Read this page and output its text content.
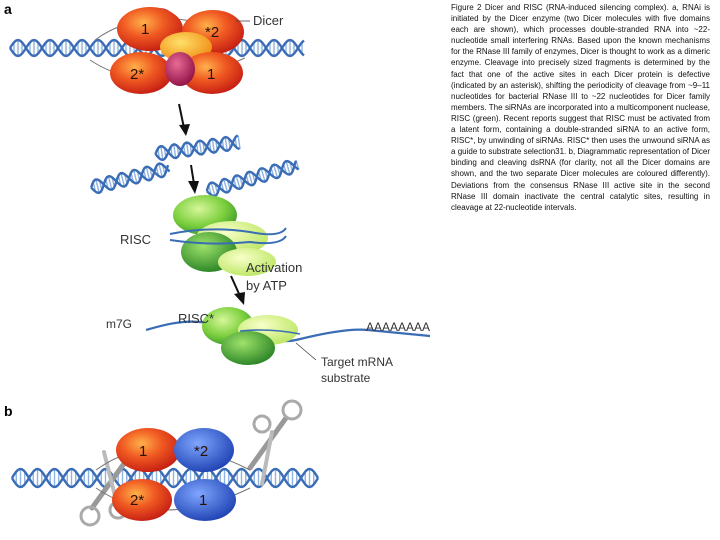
a
1	*2
2*	1
Dicer
RISC
Activation
by ATP
m7G	AAAAAAAA
RISC*
Target mRNA
substrate
b
1	*2
2*	1

Figure 2 Dicer and RISC (RNA-induced silencing complex). a, RNAi is initiated by the Dicer enzyme (two Dicer molecules with five domains each are shown), which processes double-stranded RNA into ~22-nucleotide small interfering RNAs. Based upon the known mechanisms for the RNase III family of enzymes, Dicer is thought to work as a dimeric enzyme. Cleavage into precisely sized fragments is determined by the fact that one of the active sites in each Dicer protein is defective (indicated by an asterisk), shifting the periodicity of cleavage from ~9–11 nucleotides for bacterial RNase III to ~22 nucleotides for Dicer family members. The siRNAs are incorporated into a multicomponent nuclease, RISC (green). Recent reports suggest that RISC must be activated from a latent form, containing a double-stranded siRNA to an active form, RISC*, by unwinding of siRNAs. RISC* then uses the unwound siRNA as a guide to substrate selection31. b, Diagrammatic representation of Dicer binding and cleaving dsRNA (for clarity, not all the Dicer domains are shown, and the two separate Dicer molecules are coloured differently). Deviations from the consensus RNase III active site in the second RNase III domain inactivate the central catalytic sites, resulting in cleavage at 22-nucleotide intervals.
